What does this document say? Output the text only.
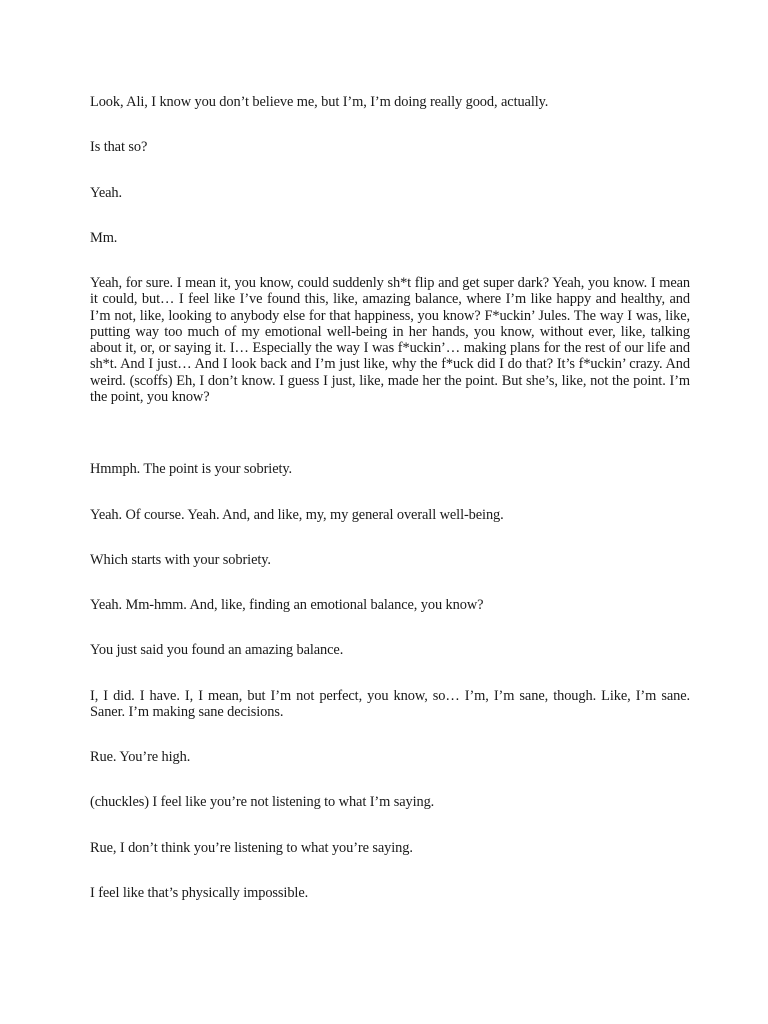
Look, Ali, I know you don’t believe me, but I’m, I’m doing really good, actually.

Is that so?

Yeah.

Mm.

Yeah, for sure. I mean it, you know, could suddenly sh*t flip and get super dark? Yeah, you know. I mean it could, but… I feel like I’ve found this, like, amazing balance, where I’m like happy and healthy, and I’m not, like, looking to anybody else for that happiness, you know? F*uckin’ Jules. The way I was, like, putting way too much of my emotional well-being in her hands, you know, without ever, like, talking about it, or, or saying it. I… Especially the way I was f*uckin’… making plans for the rest of our life and sh*t. And I just… And I look back and I’m just like, why the f*uck did I do that? It’s f*uckin’ crazy. And weird. (scoffs) Eh, I don’t know. I guess I just, like, made her the point. But she’s, like, not the point. I’m the point, you know?

Hmmph. The point is your sobriety.

Yeah. Of course. Yeah. And, and like, my, my general overall well-being.

Which starts with your sobriety.

Yeah. Mm-hmm. And, like, finding an emotional balance, you know?

You just said you found an amazing balance.

I, I did. I have. I, I mean, but I’m not perfect, you know, so… I’m, I’m sane, though. Like, I’m sane. Saner. I’m making sane decisions.

Rue. You’re high.

(chuckles) I feel like you’re not listening to what I’m saying.

Rue, I don’t think you’re listening to what you’re saying.

I feel like that’s physically impossible.
